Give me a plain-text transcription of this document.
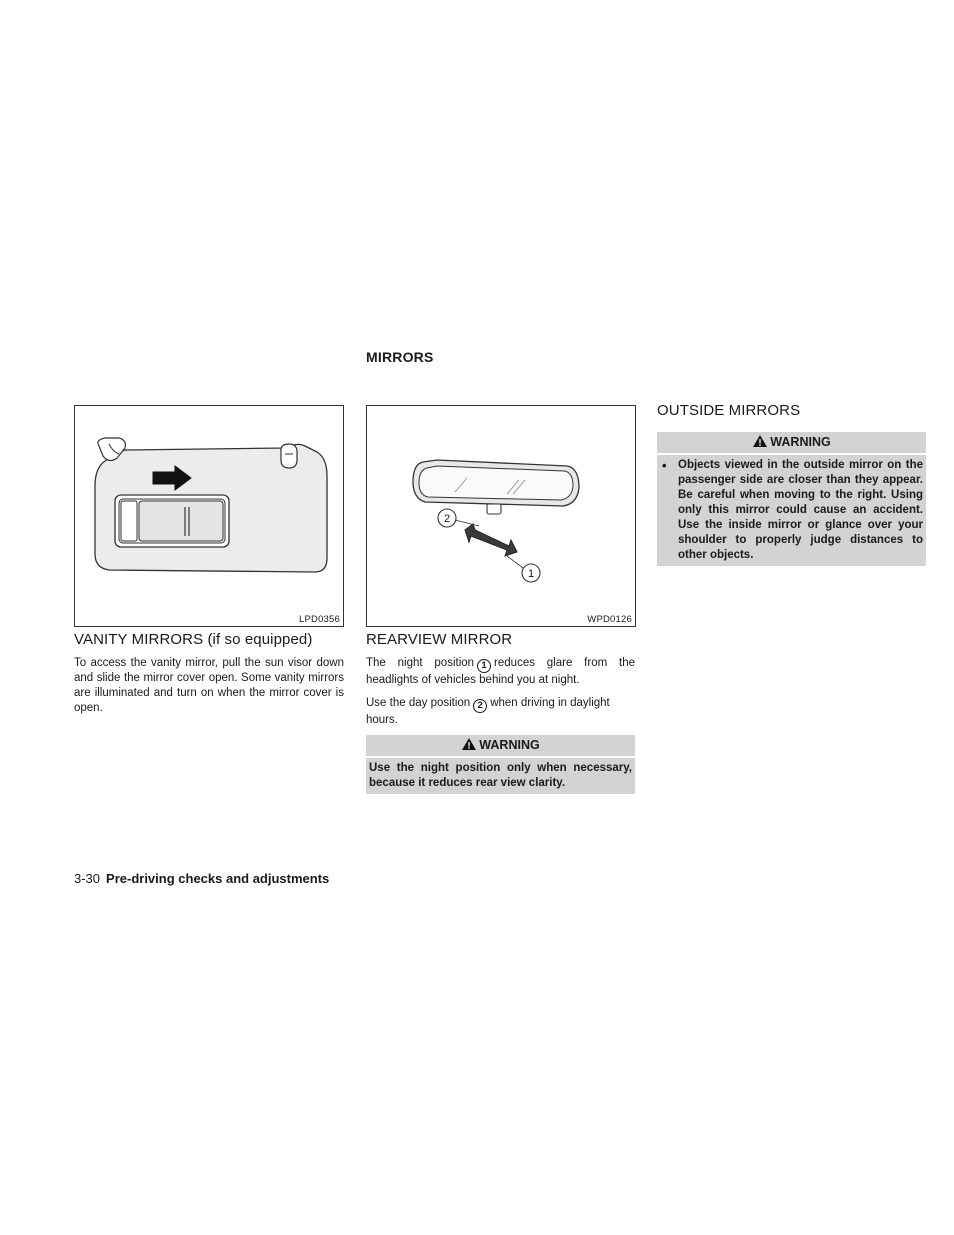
MIRRORS
LPD0356
VANITY MIRRORS (if so equipped)

To access the vanity mirror, pull the sun visor down and slide the mirror cover open. Some vanity mirrors are illuminated and turn on when the mirror cover is open.

2
1
WPD0126
REARVIEW MIRROR

The night position 1 reduces glare from the headlights of vehicles behind you at night.

Use the day position 2 when driving in daylight hours.

WARNING
Use the night position only when necessary, because it reduces rear view clarity.
OUTSIDE MIRRORS
WARNING
• Objects viewed in the outside mirror on the passenger side are closer than they appear. Be careful when moving to the right. Using only this mirror could cause an accident. Use the inside mirror or glance over your shoulder to properly judge distances to other objects.
3-30 Pre-driving checks and adjustments
